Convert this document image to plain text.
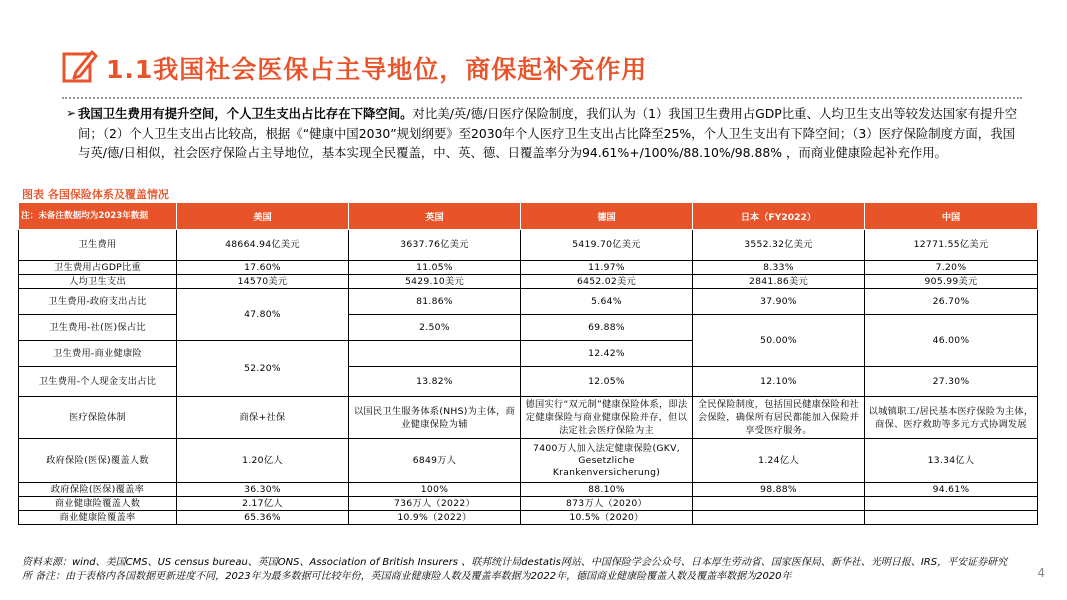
1.1我国社会医保占主导地位，商保起补充作用
➢ 我国卫生费用有提升空间，个人卫生支出占比存在下降空间。对比美/英/德/日医疗保险制度，我们认为（1）我国卫生费用占GDP比重、人均卫生支出等较发达国家有提升空间；（2）个人卫生支出占比较高，根据《“健康中国2030”规划纲要》至2030年个人医疗卫生支出占比降至25%，个人卫生支出有下降空间；（3）医疗保险制度方面，我国与英/德/日相似，社会医疗保险占主导地位，基本实现全民覆盖，中、英、德、日覆盖率分为94.61%+/100%/88.10%/98.88% ，而商业健康险起补充作用。
图表 各国保险体系及覆盖情况
注：未备注数据均为2023年数据	美国	英国	德国	日本（FY2022）	中国
卫生费用	48664.94亿美元	3637.76亿美元	5419.70亿美元	3552.32亿美元	12771.55亿美元
卫生费用占GDP比重	17.60%	11.05%	11.97%	8.33%	7.20%
人均卫生支出	14570美元	5429.10美元	6452.02美元	2841.86美元	905.99美元
卫生费用-政府支出占比	47.80%	81.86%	5.64%	37.90%	26.70%
卫生费用-社(医)保占比		2.50%	69.88%	50.00%	46.00%
卫生费用-商业健康险	52.20%		12.42%		
卫生费用-个人现金支出占比		13.82%	12.05%	12.10%	27.30%
医疗保险体制	商保+社保	以国民卫生服务体系(NHS)为主体，商业健康保险为辅	德国实行“双元制”健康保险体系，即法定健康保险与商业健康保险并存，但以法定社会医疗保险为主	全民保险制度，包括国民健康保险和社会保险，确保所有居民都能加入保险并享受医疗服务。	以城镇职工/居民基本医疗保险为主体，商保、医疗救助等多元方式协调发展
政府保险(医保)覆盖人数	1.20亿人	6849万人	7400万人加入法定健康保险(GKV, Gesetzliche Krankenversicherung)	1.24亿人	13.34亿人
政府保险(医保)覆盖率	36.30%	100%	88.10%	98.88%	94.61%
商业健康险覆盖人数	2.17亿人	736万人（2022）	873万人（2020）		
商业健康险覆盖率	65.36%	10.9%（2022）	10.5%（2020）		
资料来源：wind、美国CMS、US census bureau、英国ONS、Association of British Insurers 、联邦统计局destatis网站、中国保险学会公众号、日本厚生劳动省、国家医保局、新华社、光明日报、IRS，平安证券研究所 备注：由于表格内各国数据更新进度不同，2023年为最多数据可比较年份，英国商业健康险人数及覆盖率数据为2022年，德国商业健康险覆盖人数及覆盖率数据为2020年	4
